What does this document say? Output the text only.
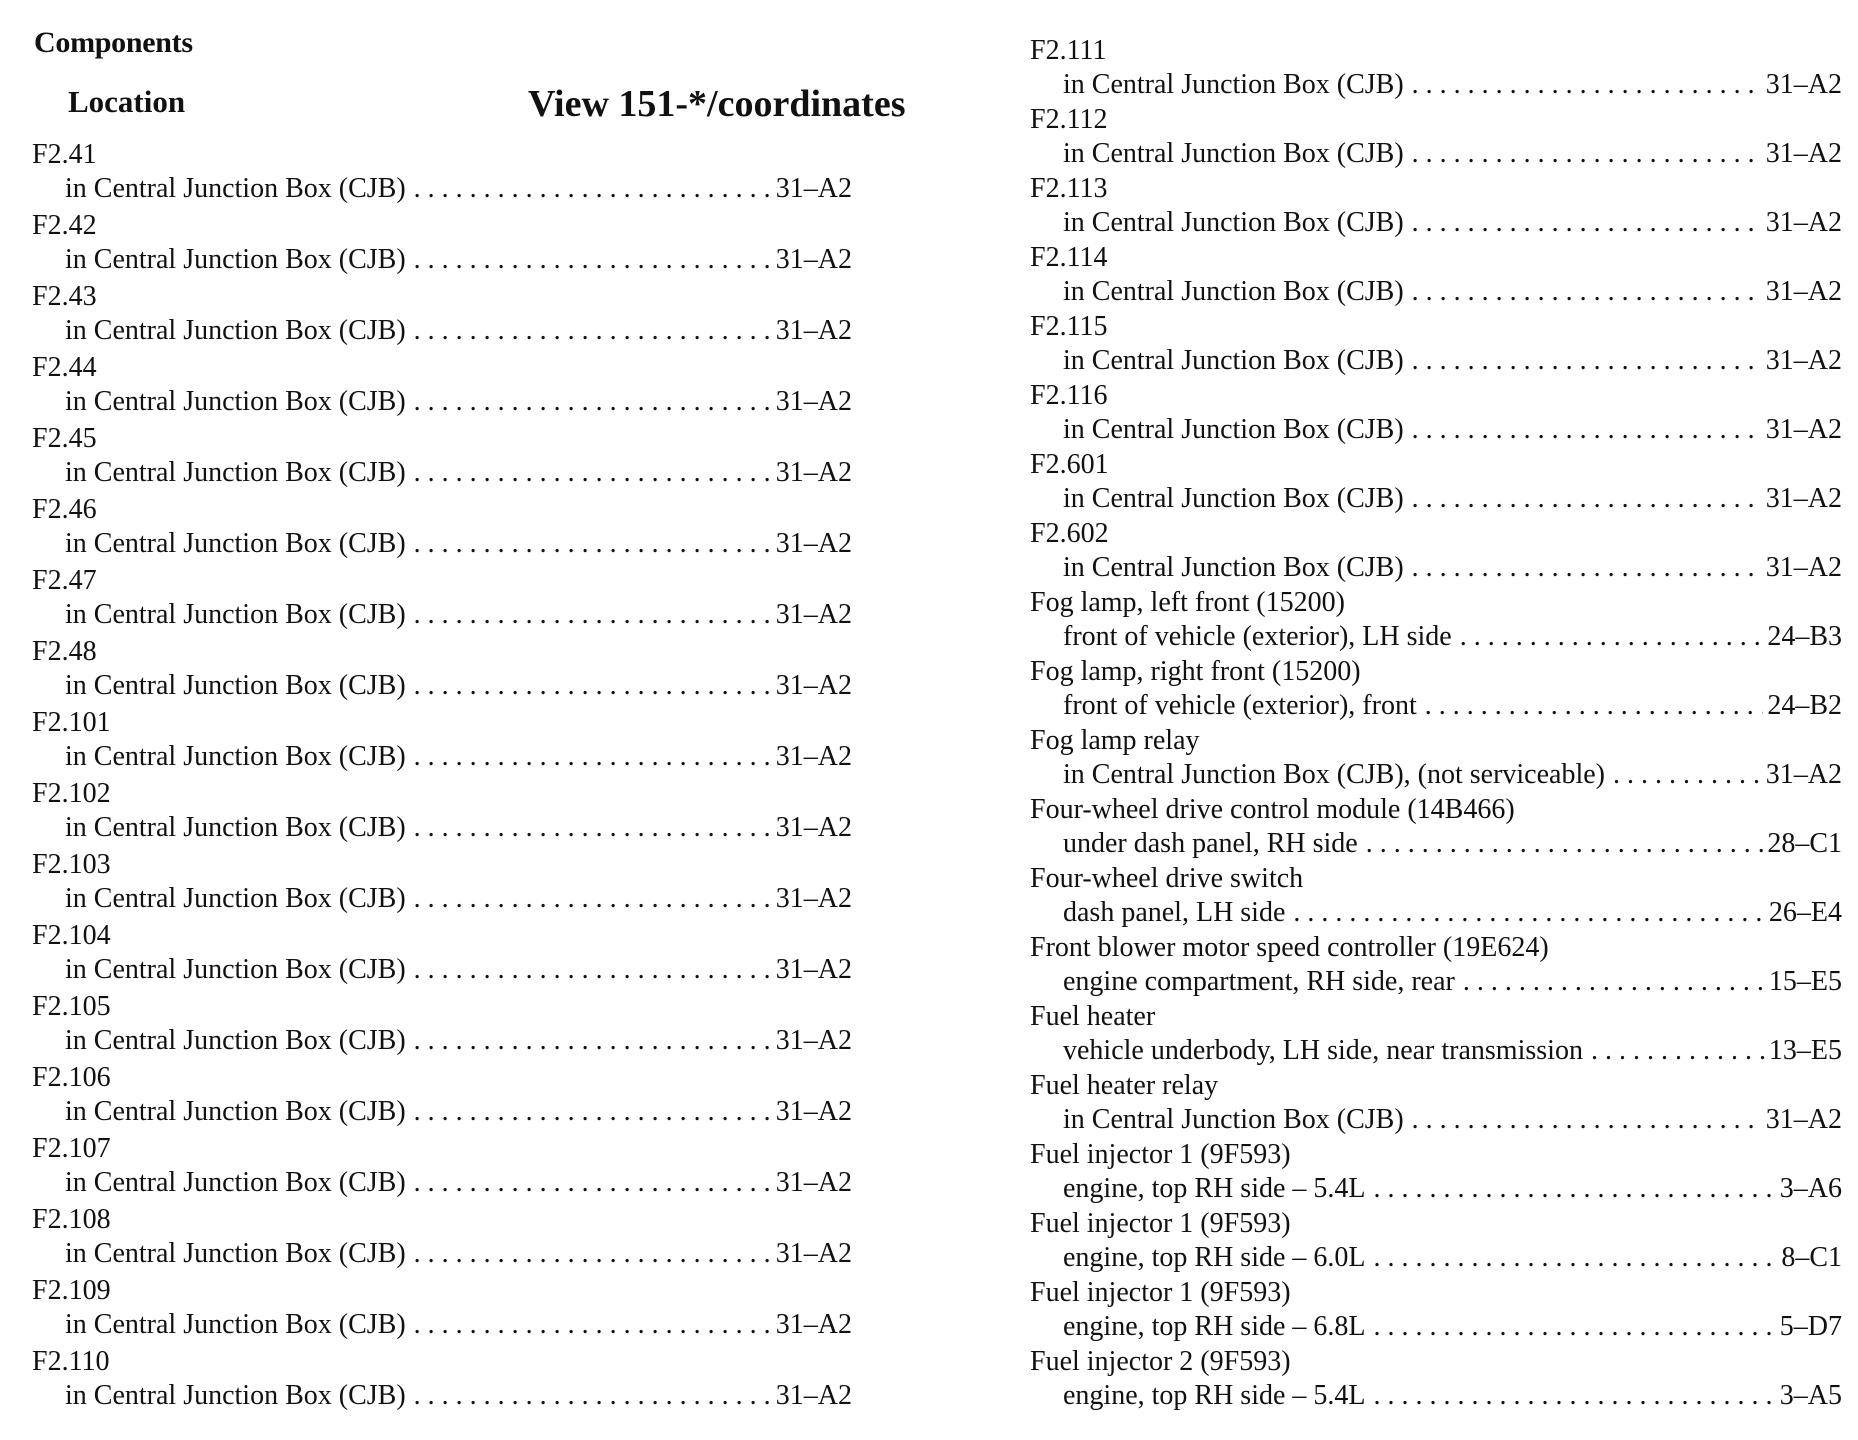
Components
Location	View 151-*/coordinates
F2.41
in Central Junction Box (CJB) . . .	31–A2
F2.42
in Central Junction Box (CJB) . . .	31–A2
F2.43
in Central Junction Box (CJB) . . .	31–A2
F2.44
in Central Junction Box (CJB) . . .	31–A2
F2.45
in Central Junction Box (CJB) . . .	31–A2
F2.46
in Central Junction Box (CJB) . . .	31–A2
F2.47
in Central Junction Box (CJB) . . .	31–A2
F2.48
in Central Junction Box (CJB) . . .	31–A2
F2.101
in Central Junction Box (CJB) . . .	31–A2
F2.102
in Central Junction Box (CJB) . . .	31–A2
F2.103
in Central Junction Box (CJB) . . .	31–A2
F2.104
in Central Junction Box (CJB) . . .	31–A2
F2.105
in Central Junction Box (CJB) . . .	31–A2
F2.106
in Central Junction Box (CJB) . . .	31–A2
F2.107
in Central Junction Box (CJB) . . .	31–A2
F2.108
in Central Junction Box (CJB) . . .	31–A2
F2.109
in Central Junction Box (CJB) . . .	31–A2
F2.110
in Central Junction Box (CJB) . . .	31–A2
F2.111
in Central Junction Box (CJB) . . .	31–A2
F2.112
in Central Junction Box (CJB) . . .	31–A2
F2.113
in Central Junction Box (CJB) . . .	31–A2
F2.114
in Central Junction Box (CJB) . . .	31–A2
F2.115
in Central Junction Box (CJB) . . .	31–A2
F2.116
in Central Junction Box (CJB) . . .	31–A2
F2.601
in Central Junction Box (CJB) . . .	31–A2
F2.602
in Central Junction Box (CJB) . . .	31–A2
Fog lamp, left front (15200)
front of vehicle (exterior), LH side . . .	24–B3
Fog lamp, right front (15200)
front of vehicle (exterior), front . . .	24–B2
Fog lamp relay
in Central Junction Box (CJB), (not serviceable) . . .	31–A2
Four-wheel drive control module (14B466)
under dash panel, RH side . . .	28–C1
Four-wheel drive switch
dash panel, LH side . . .	26–E4
Front blower motor speed controller (19E624)
engine compartment, RH side, rear . . .	15–E5
Fuel heater
vehicle underbody, LH side, near transmission . . .	13–E5
Fuel heater relay
in Central Junction Box (CJB) . . .	31–A2
Fuel injector 1 (9F593)
engine, top RH side – 5.4L . . .	3–A6
Fuel injector 1 (9F593)
engine, top RH side – 6.0L . . .	8–C1
Fuel injector 1 (9F593)
engine, top RH side – 6.8L . . .	5–D7
Fuel injector 2 (9F593)
engine, top RH side – 5.4L . . .	3–A5
